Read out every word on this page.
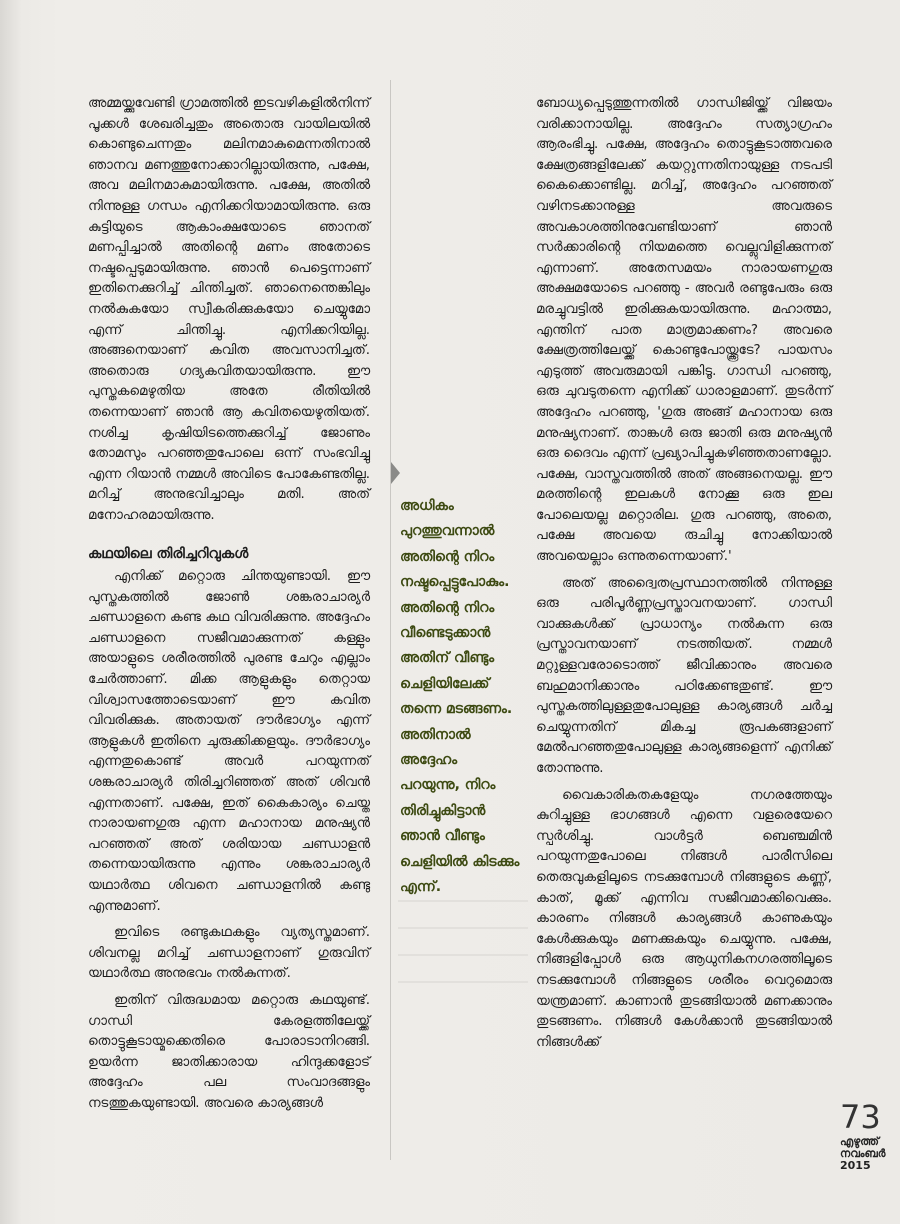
അമ്മയ്ക്കുവേണ്ടി ഗ്രാമത്തിൽ ഇടവഴികളിൽനിന്ന് പൂക്കൾ ശേഖരിച്ചതും അതൊരു വായിലയിൽ കൊണ്ടുചെന്നതും മലിനമാകുമെന്നതിനാൽ ഞാനവ മണത്തുനോക്കാറില്ലായിരുന്നു, പക്ഷേ, അവ മലിനമാകുമായിരുന്നു. പക്ഷേ, അതിൽ നിന്നുള്ള ഗന്ധം എനിക്കറിയാമായിരുന്നു. ഒരു കുട്ടിയുടെ ആകാംക്ഷയോടെ ഞാനത് മണപ്പിച്ചാൽ അതിന്റെ മണം അതോടെ നഷ്ടപ്പെടുമായിരുന്നു. ഞാൻ പെട്ടെന്നാണ് ഇതിനെക്കുറിച്ച് ചിന്തിച്ചത്. ഞാനെന്തെങ്കിലും നൽകുകയോ സ്വീകരിക്കുകയോ ചെയ്യുമോ എന്ന് ചിന്തിച്ചു. എനിക്കറിയില്ല. അങ്ങനെയാണ് കവിത അവസാനിച്ചത്. അതൊരു ഗദ്യകവിതയായിരുന്നു. ഈ പുസ്തകമെഴുതിയ അതേ രീതിയിൽ തന്നെയാണ് ഞാൻ ആ കവിതയെഴുതിയത്. നശിച്ച കൃഷിയിടത്തെക്കുറിച്ച് ജോണും തോമസും പറഞ്ഞതുപോലെ ഒന്ന് സംഭവിച്ചു എന്ന റിയാൻ നമ്മൾ അവിടെ പോകേണ്ടതില്ല. മറിച്ച് അനുഭവിച്ചാലും മതി. അത് മനോഹരമായിരുന്നു.

കഥയിലെ തിരിച്ചറിവുകൾ

എനിക്ക് മറ്റൊരു ചിന്തയുണ്ടായി. ഈ പുസ്തകത്തിൽ ജോൺ ശങ്കരാചാര്യർ ചണ്ഡാളനെ കണ്ട കഥ വിവരിക്കുന്നു. അദ്ദേഹം ചണ്ഡാളനെ സജീവമാക്കുന്നത് കള്ളും അയാളുടെ ശരീരത്തിൽ പുരണ്ട ചേറും എല്ലാം ചേർത്താണ്. മിക്ക ആളുകളും തെറ്റായ വിശ്വാസത്തോടെയാണ് ഈ കവിത വിവരിക്കുക. അതായത് ദൗർഭാഗ്യം എന്ന് ആളുകൾ ഇതിനെ ചുരുക്കിക്കളയും. ദൗർഭാഗ്യം എന്നതുകൊണ്ട് അവർ പറയുന്നത് ശങ്കരാചാര്യർ തിരിച്ചറിഞ്ഞത് അത് ശിവൻ എന്നതാണ്. പക്ഷേ, ഇത് കൈകാര്യം ചെയ്ത നാരായണഗുരു എന്ന മഹാനായ മനുഷ്യൻ പറഞ്ഞത് അത് ശരിയായ ചണ്ഡാളൻ തന്നെയായിരുന്നു എന്നും ശങ്കരാചാര്യർ യഥാർത്ഥ ശിവനെ ചണ്ഡാളനിൽ കണ്ടു എന്നുമാണ്.

ഇവിടെ രണ്ടുകഥകളും വ്യത്യസ്തമാണ്. ശിവനല്ല മറിച്ച് ചണ്ഡാളനാണ് ഗുരുവിന് യഥാർത്ഥ അനുഭവം നൽകുന്നത്.

ഇതിന് വിരുദ്ധമായ മറ്റൊരു കഥയുണ്ട്. ഗാന്ധി കേരളത്തിലേയ്ക്ക് തൊട്ടുകൂടായ്മക്കെതിരെ പോരാടാനിറങ്ങി. ഉയർന്ന ജാതിക്കാരായ ഹിന്ദുക്കളോട് അദ്ദേഹം പല സംവാദങ്ങളും നടത്തുകയുണ്ടായി. അവരെ കാര്യങ്ങൾ

അധികം പുറത്തുവന്നാൽ അതിന്റെ നിറം നഷ്ടപ്പെട്ടുപോകും. അതിന്റെ നിറം വീണ്ടെടുക്കാൻ അതിന് വീണ്ടും ചെളിയിലേക്ക് തന്നെ മടങ്ങണം. അതിനാൽ അദ്ദേഹം പറയുന്നു, നിറം തിരിച്ചുകിട്ടാൻ ഞാൻ വീണ്ടും ചെളിയിൽ കിടക്കും എന്ന്.

ബോധ്യപ്പെടുത്തുന്നതിൽ ഗാന്ധിജിയ്ക്ക് വിജയം വരിക്കാനായില്ല. അദ്ദേഹം സത്യാഗ്രഹം ആരംഭിച്ചു. പക്ഷേ, അദ്ദേഹം തൊട്ടുകൂടാത്തവരെ ക്ഷേത്രങ്ങളിലേക്ക് കയറ്റുന്നതിനായുള്ള നടപടി കൈക്കൊണ്ടില്ല. മറിച്ച്, അദ്ദേഹം പറഞ്ഞത് വഴിനടക്കാനുള്ള അവരുടെ അവകാശത്തിനുവേണ്ടിയാണ് ഞാൻ സർക്കാരിന്റെ നിയമത്തെ വെല്ലുവിളിക്കുന്നത് എന്നാണ്. അതേസമയം നാരായണഗുരു അക്ഷമയോടെ പറഞ്ഞു - അവർ രണ്ടുപേരും ഒരു മരച്ചുവട്ടിൽ ഇരിക്കുകയായിരുന്നു. മഹാത്മാ, എന്തിന് പാത മാത്രമാക്കണം? അവരെ ക്ഷേത്രത്തിലേയ്ക്ക് കൊണ്ടുപോയ്ക്കൂടേ? പായസം എടുത്ത് അവരുമായി പങ്കിടൂ. ഗാന്ധി പറഞ്ഞു, ഒരു ചുവടുതന്നെ എനിക്ക് ധാരാളമാണ്. തുടർന്ന് അദ്ദേഹം പറഞ്ഞു, 'ഗുരു അങ്ങ് മഹാനായ ഒരു മനുഷ്യനാണ്. താങ്കൾ ഒരു ജാതി ഒരു മനുഷ്യൻ ഒരു ദൈവം എന്ന് പ്രഖ്യാപിച്ചുകഴിഞ്ഞതാണല്ലോ. പക്ഷേ, വാസ്തവത്തിൽ അത് അങ്ങനെയല്ല. ഈ മരത്തിന്റെ ഇലകൾ നോക്കൂ ഒരു ഇല പോലെയല്ല മറ്റൊരില. ഗുരു പറഞ്ഞു, അതെ, പക്ഷേ അവയെ രുചിച്ചു നോക്കിയാൽ അവയെല്ലാം ഒന്നുതന്നെയാണ്.'

അത് അദ്വൈതപ്രസ്ഥാനത്തിൽ നിന്നുള്ള ഒരു പരിപൂർണ്ണപ്രസ്താവനയാണ്. ഗാന്ധി വാക്കുകൾക്ക് പ്രാധാന്യം നൽകുന്ന ഒരു പ്രസ്താവനയാണ് നടത്തിയത്. നമ്മൾ മറ്റുള്ളവരോടൊത്ത് ജീവിക്കാനും അവരെ ബഹുമാനിക്കാനും പഠിക്കേണ്ടതുണ്ട്. ഈ പുസ്തകത്തിലുള്ളതുപോലുള്ള കാര്യങ്ങൾ ചർച്ച ചെയ്യുന്നതിന് മികച്ച രൂപകങ്ങളാണ് മേൽപറഞ്ഞതുപോലുള്ള കാര്യങ്ങളെന്ന് എനിക്ക് തോന്നുന്നു.

വൈകാരികതകളേയും നഗരത്തേയും കുറിച്ചുള്ള ഭാഗങ്ങൾ എന്നെ വളരെയേറെ സ്പർശിച്ചു. വാൾട്ടർ ബെഞ്ചമിൻ പറയുന്നതുപോലെ നിങ്ങൾ പാരീസിലെ തെരുവുകളിലൂടെ നടക്കുമ്പോൾ നിങ്ങളുടെ കണ്ണ്, കാത്, മൂക്ക് എന്നിവ സജീവമാക്കിവെക്കും. കാരണം നിങ്ങൾ കാര്യങ്ങൾ കാണുകയും കേൾക്കുകയും മണക്കുകയും ചെയ്യുന്നു. പക്ഷേ, നിങ്ങളിപ്പോൾ ഒരു ആധുനികനഗരത്തിലൂടെ നടക്കുമ്പോൾ നിങ്ങളുടെ ശരീരം വെറുമൊരു യന്ത്രമാണ്. കാണാൻ തുടങ്ങിയാൽ മണക്കാനും തുടങ്ങണം. നിങ്ങൾ കേൾക്കാൻ തുടങ്ങിയാൽ നിങ്ങൾക്ക്

73
എഴുത്ത്
നവംബർ
2015
